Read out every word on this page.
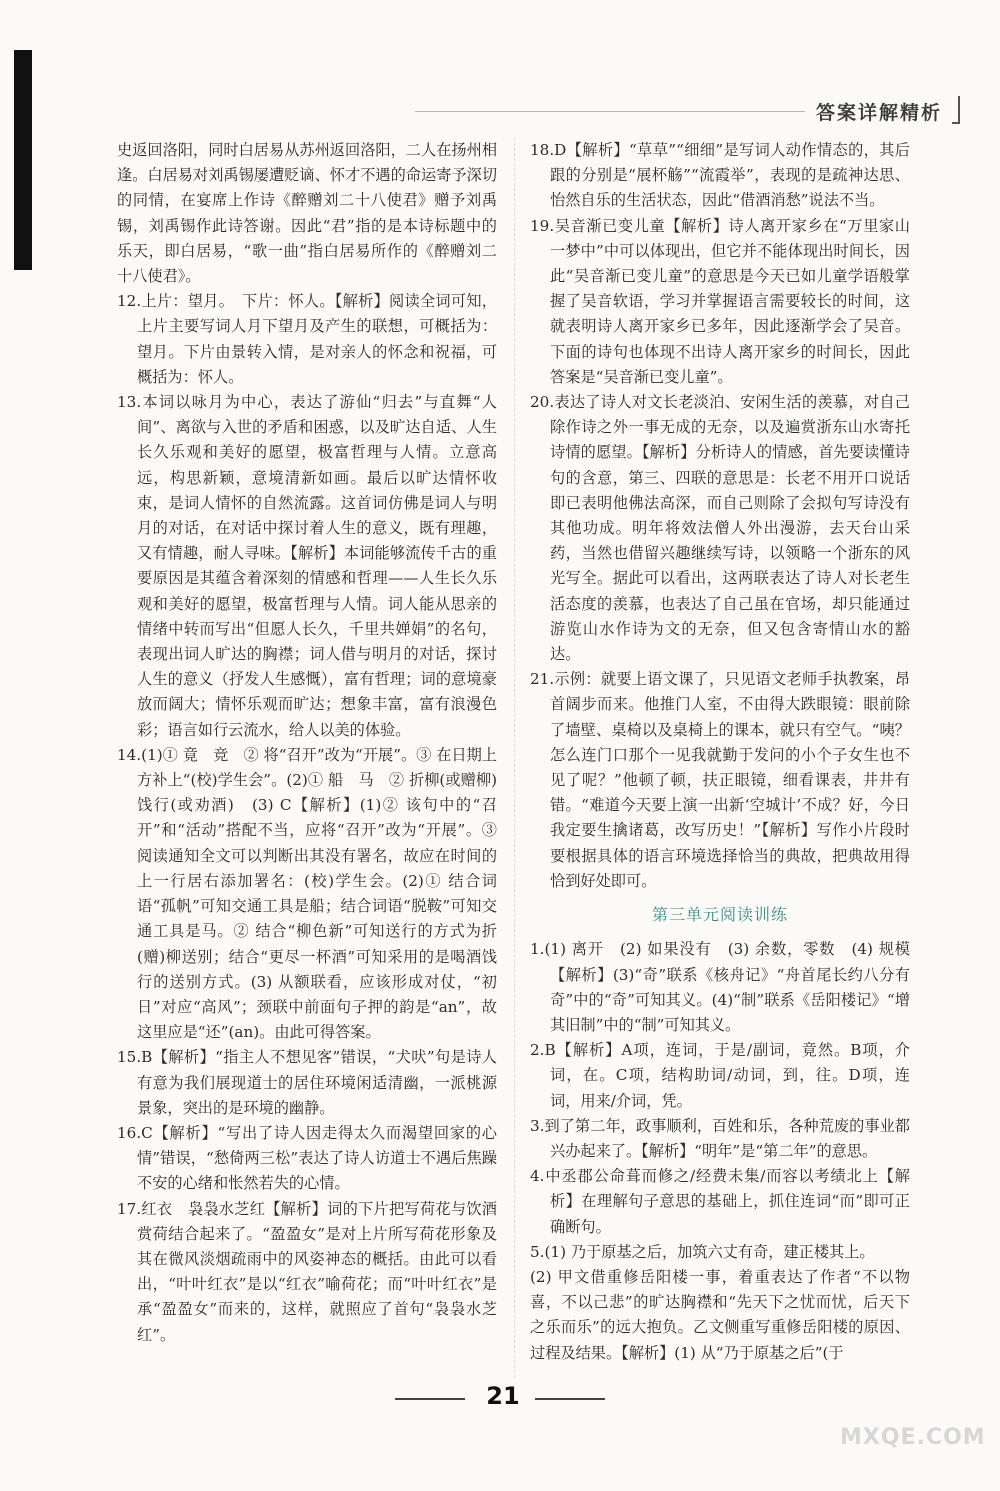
答案详解精析

史返回洛阳，同时白居易从苏州返回洛阳，二人在扬州相逢。白居易对刘禹锡屡遭贬谪、怀才不遇的命运寄予深切的同情，在宴席上作诗《醉赠刘二十八使君》赠予刘禹锡，刘禹锡作此诗答谢。因此“君”指的是本诗标题中的乐天，即白居易，“歌一曲”指白居易所作的《醉赠刘二十八使君》。

12.上片：望月。　下片：怀人。【解析】阅读全词可知，上片主要写词人月下望月及产生的联想，可概括为：望月。下片由景转入情，是对亲人的怀念和祝福，可概括为：怀人。

13.本词以咏月为中心，表达了游仙“归去”与直舞“人间”、离欲与入世的矛盾和困惑，以及旷达自适、人生长久乐观和美好的愿望，极富哲理与人情。立意高远，构思新颖，意境清新如画。最后以旷达情怀收束，是词人情怀的自然流露。这首词仿佛是词人与明月的对话，在对话中探讨着人生的意义，既有理趣，又有情趣，耐人寻味。【解析】本词能够流传千古的重要原因是其蕴含着深刻的情感和哲理——人生长久乐观和美好的愿望，极富哲理与人情。词人能从思亲的情绪中转而写出“但愿人长久，千里共婵娟”的名句，表现出词人旷达的胸襟；词人借与明月的对话，探讨人生的意义（抒发人生感慨），富有哲理；词的意境豪放而阔大；情怀乐观而旷达；想象丰富，富有浪漫色彩；语言如行云流水，给人以美的体验。

14.(1)① 竟　竞　② 将“召开”改为“开展”。③ 在日期上方补上“(校)学生会”。(2)① 船　马　② 折柳(或赠柳)　饯行(或劝酒)　(3) C【解析】(1)② 该句中的“召开”和“活动”搭配不当，应将“召开”改为“开展”。③ 阅读通知全文可以判断出其没有署名，故应在时间的上一行居右添加署名：(校)学生会。(2)① 结合词语“孤帆”可知交通工具是船；结合词语“脱鞍”可知交通工具是马。② 结合“柳色新”可知送行的方式为折(赠)柳送别；结合“更尽一杯酒”可知采用的是喝酒饯行的送别方式。(3) 从额联看，应该形成对仗，“初日”对应“高风”；颈联中前面句子押的韵是“an”，故这里应是“还”(an)。由此可得答案。

15.B【解析】“指主人不想见客”错误，“犬吠”句是诗人有意为我们展现道士的居住环境闲适清幽，一派桃源景象，突出的是环境的幽静。

16.C【解析】“写出了诗人因走得太久而渴望回家的心情”错误，“愁倚两三松”表达了诗人访道士不遇后焦躁不安的心绪和怅然若失的心情。

17.红衣　袅袅水芝红【解析】词的下片把写荷花与饮酒赏荷结合起来了。“盈盈女”是对上片所写荷花形象及其在微风淡烟疏雨中的风姿神态的概括。由此可以看出，“叶叶红衣”是以“红衣”喻荷花；而“叶叶红衣”是承“盈盈女”而来的，这样，就照应了首句“袅袅水芝红”。

18.D【解析】“草草”“细细”是写词人动作情态的，其后跟的分别是“展杯觞”“流霞举”，表现的是疏神达思、怡然自乐的生活状态，因此“借酒消愁”说法不当。

19.吴音渐已变儿童【解析】诗人离开家乡在“万里家山一梦中”中可以体现出，但它并不能体现出时间长，因此“吴音渐已变儿童”的意思是今天已如儿童学语般掌握了吴音软语，学习并掌握语言需要较长的时间，这就表明诗人离开家乡已多年，因此逐渐学会了吴音。下面的诗句也体现不出诗人离开家乡的时间长，因此答案是“吴音渐已变儿童”。

20.表达了诗人对文长老淡泊、安闲生活的羡慕，对自己除作诗之外一事无成的无奈，以及遍赏浙东山水寄托诗情的愿望。【解析】分析诗人的情感，首先要读懂诗句的含意，第三、四联的意思是：长老不用开口说话即已表明他佛法高深，而自己则除了会拟句写诗没有其他功成。明年将效法僧人外出漫游，去天台山采药，当然也借留兴趣继续写诗，以领略一个浙东的风光写全。据此可以看出，这两联表达了诗人对长老生活态度的羡慕，也表达了自己虽在官场，却只能通过游览山水作诗为文的无奈，但又包含寄情山水的豁达。

21.示例：就要上语文课了，只见语文老师手执教案，昂首阔步而来。他推门人室，不由得大跌眼镜：眼前除了墙壁、桌椅以及桌椅上的课本，就只有空气。“咦？怎么连门口那个一见我就勤于发问的小个子女生也不见了呢？”他顿了顿，扶正眼镜，细看课表，井井有错。“难道今天要上演一出新‘空城计’不成？好，今日我定要生擒诸葛，改写历史！”【解析】写作小片段时要根据具体的语言环境选择恰当的典故，把典故用得恰到好处即可。

第三单元阅读训练

1.(1) 离开　(2) 如果没有　(3) 余数，零数　(4) 规模【解析】(3)“奇”联系《核舟记》“舟首尾长约八分有奇”中的“奇”可知其义。(4)“制”联系《岳阳楼记》“增其旧制”中的“制”可知其义。

2.B【解析】A项，连词，于是/副词，竟然。B项，介词，在。C项，结构助词/动词，到，往。D项，连词，用来/介词，凭。

3.到了第二年，政事顺利，百姓和乐，各种荒废的事业都兴办起来了。【解析】“明年”是“第二年”的意思。

4.中丞郡公命葺而修之/经费未集/而容以考绩北上【解析】在理解句子意思的基础上，抓住连词“而”即可正确断句。

5.(1) 乃于原基之后，加筑六丈有奇，建正楼其上。

(2) 甲文借重修岳阳楼一事，着重表达了作者“不以物喜，不以己悲”的旷达胸襟和“先天下之忧而忧，后天下之乐而乐”的远大抱负。乙文侧重写重修岳阳楼的原因、过程及结果。【解析】(1) 从“乃于原基之后”(于

21
MXQE.COM
